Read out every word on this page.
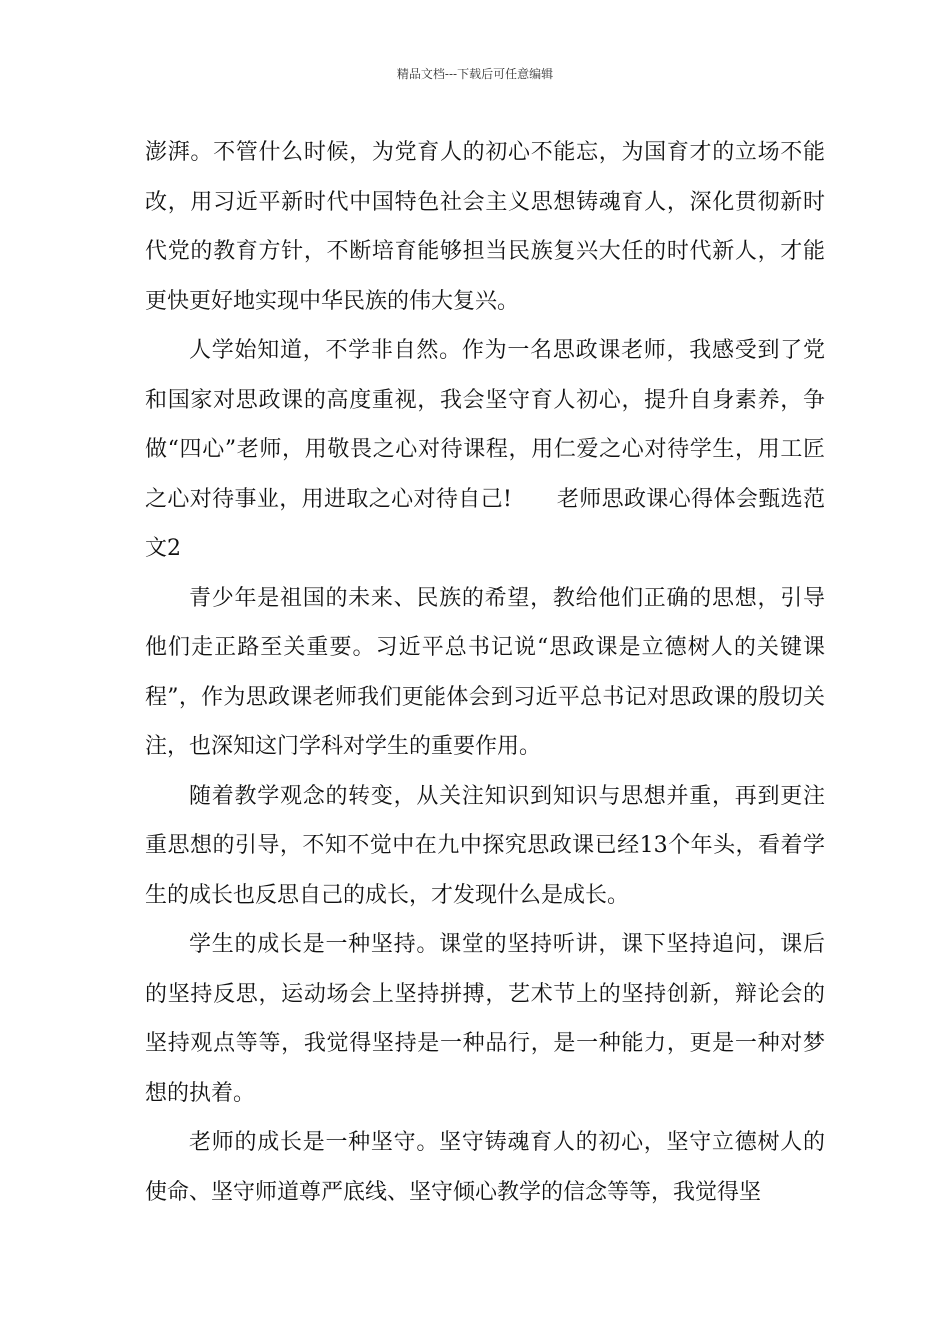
精品文档---下载后可任意编辑

澎湃。不管什么时候，为党育人的初心不能忘，为国育才的立场不能改，用习近平新时代中国特色社会主义思想铸魂育人，深化贯彻新时代党的教育方针，不断培育能够担当民族复兴大任的时代新人，才能更快更好地实现中华民族的伟大复兴。

人学始知道，不学非自然。作为一名思政课老师，我感受到了党和国家对思政课的高度重视，我会坚守育人初心，提升自身素养，争做“四心”老师，用敬畏之心对待课程，用仁爱之心对待学生，用工匠之心对待事业，用进取之心对待自己!　　老师思政课心得体会甄选范文2

青少年是祖国的未来、民族的希望，教给他们正确的思想，引导他们走正路至关重要。习近平总书记说“思政课是立德树人的关键课程”，作为思政课老师我们更能体会到习近平总书记对思政课的殷切关注，也深知这门学科对学生的重要作用。

随着教学观念的转变，从关注知识到知识与思想并重，再到更注重思想的引导，不知不觉中在九中探究思政课已经13个年头，看着学生的成长也反思自己的成长，才发现什么是成长。

学生的成长是一种坚持。课堂的坚持听讲，课下坚持追问，课后的坚持反思，运动场会上坚持拼搏，艺术节上的坚持创新，辩论会的坚持观点等等，我觉得坚持是一种品行，是一种能力，更是一种对梦想的执着。

老师的成长是一种坚守。坚守铸魂育人的初心，坚守立德树人的使命、坚守师道尊严底线、坚守倾心教学的信念等等，我觉得坚
